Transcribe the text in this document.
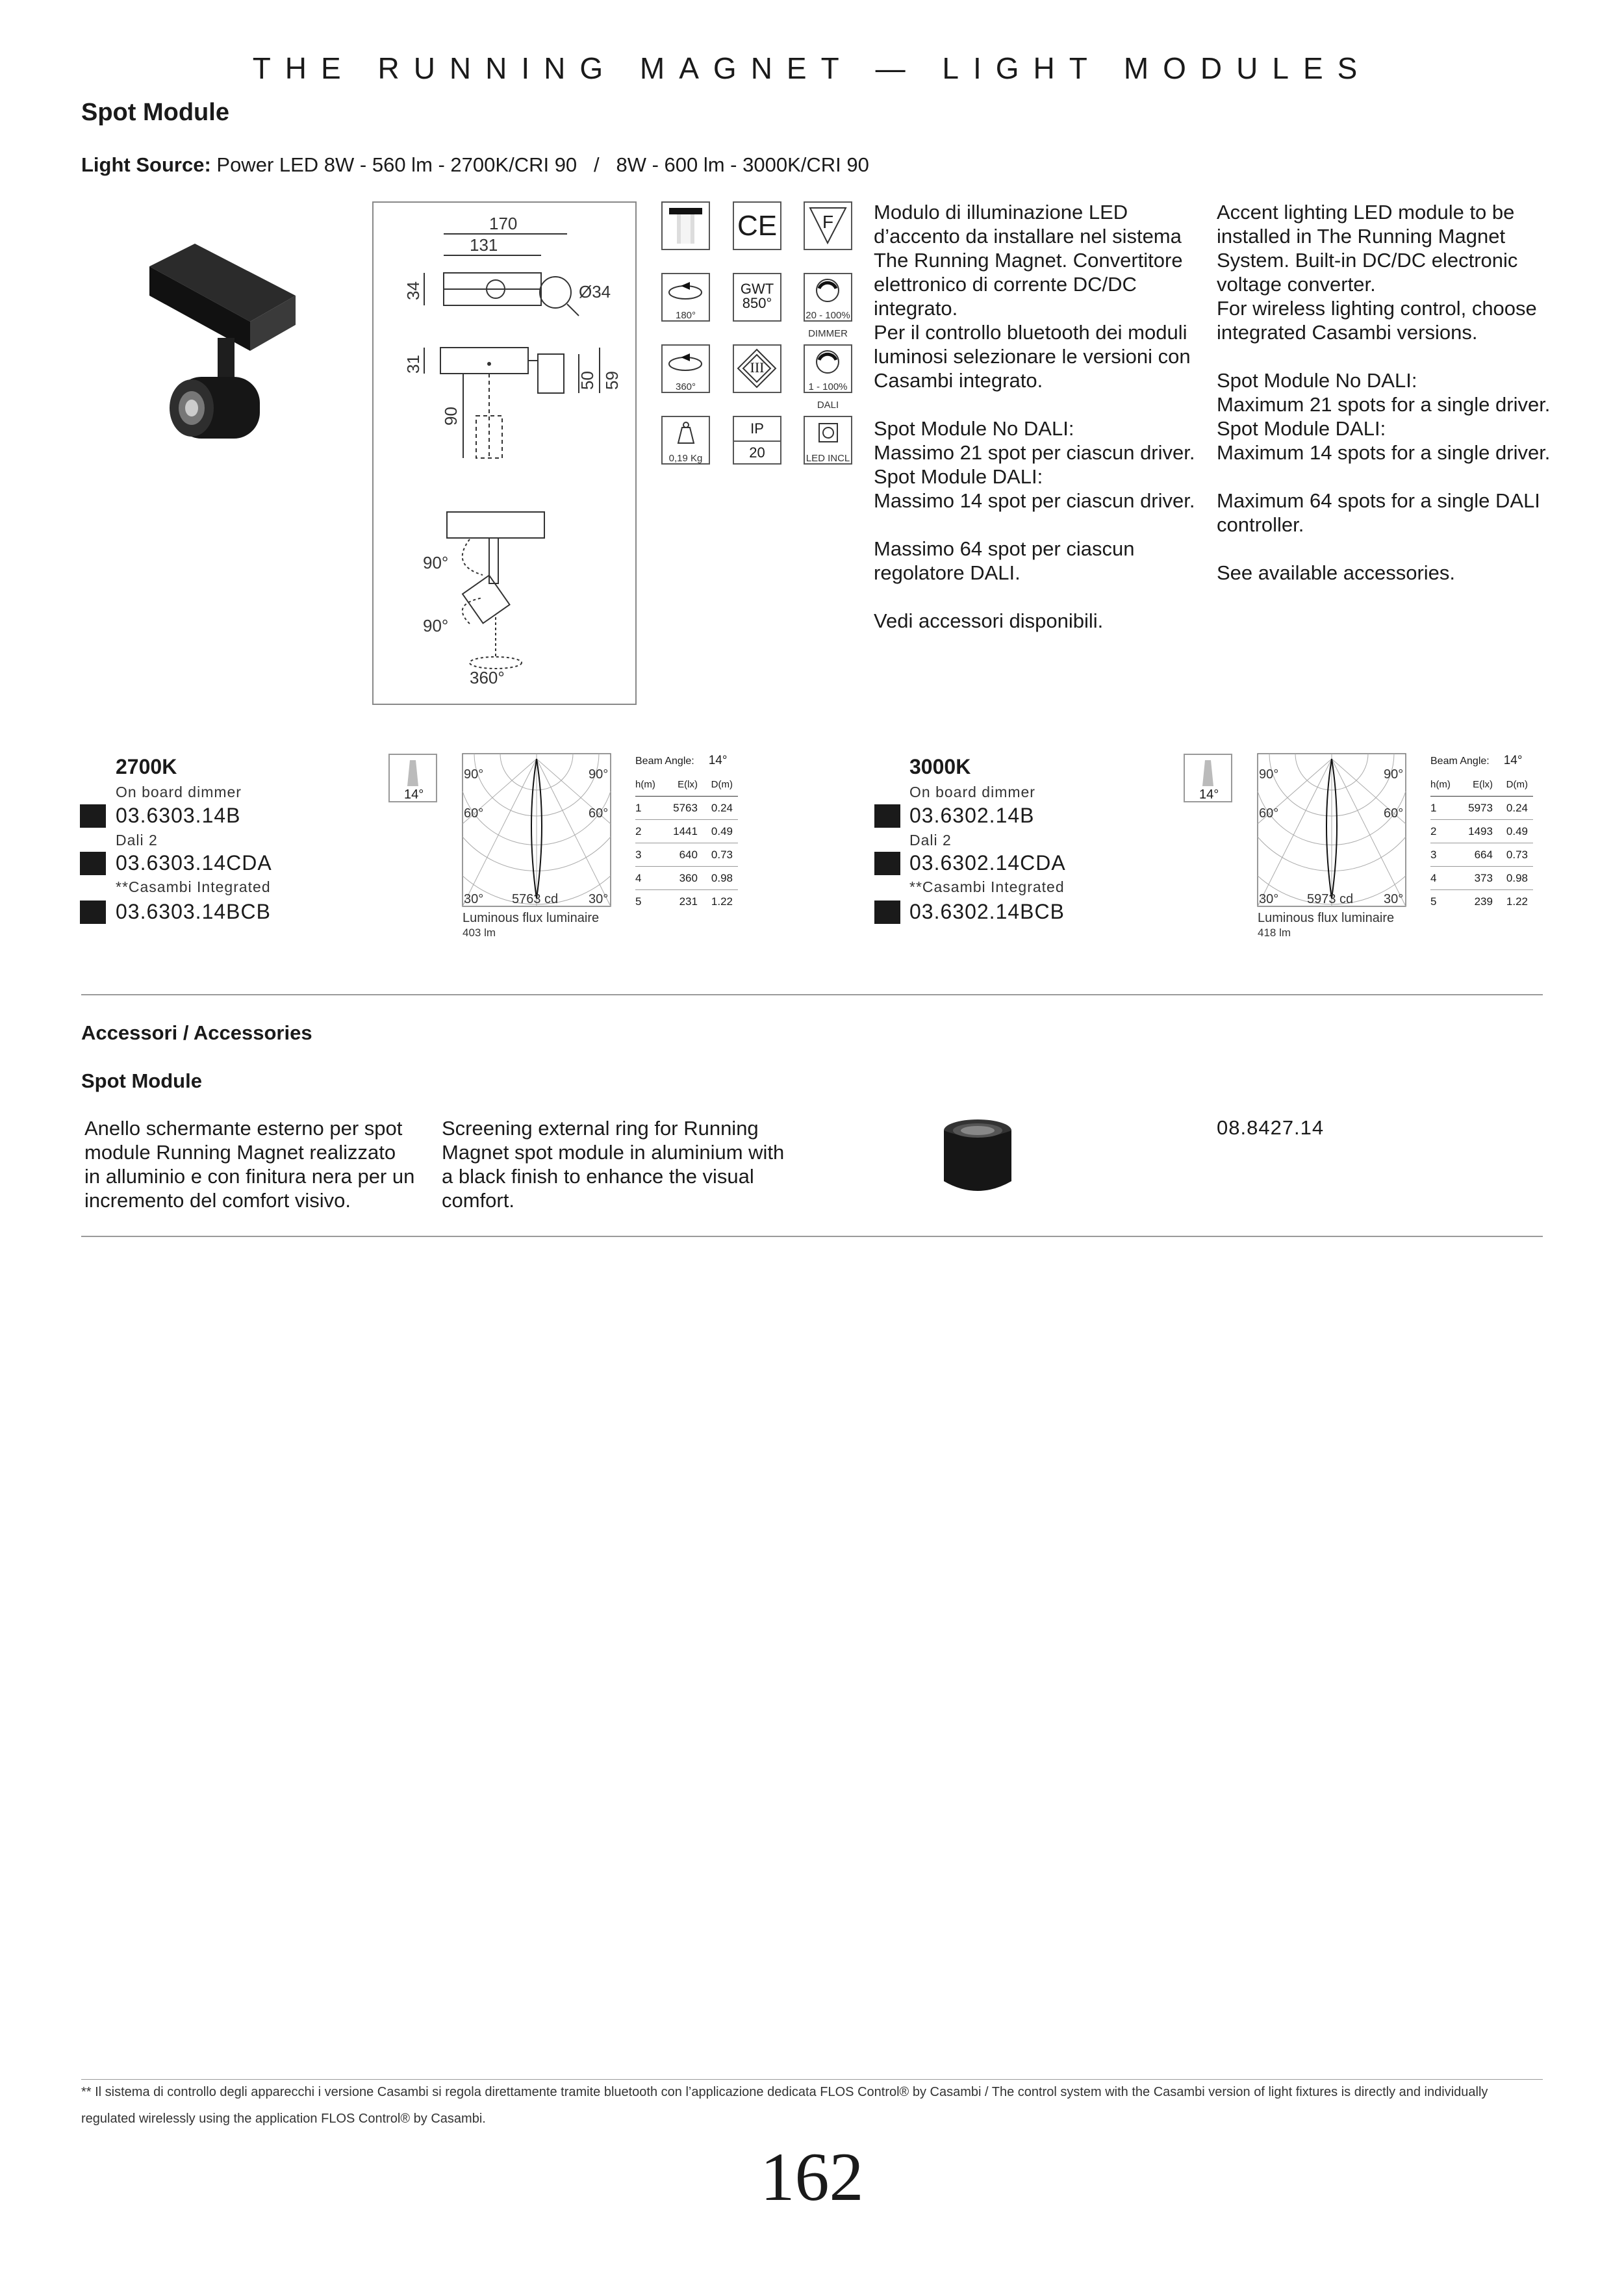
THE RUNNING MAGNET — LIGHT MODULES
Spot Module
Light Source: Power LED 8W - 560 lm - 2700K/CRI 90   /   8W - 600 lm - 3000K/CRI 90
170
131
Ø34
34
31
50 59
90
90°
90°
360°
CE	F
180°
GWT
850°
20 - 100%
DIMMER
360°
III
1 - 100%
DALI
0,19 Kg
IP
20	LED INCL
Modulo di illuminazione LED
d’accento da installare nel sistema
The Running Magnet. Convertitore
elettronico di corrente DC/DC
integrato.
Per il controllo bluetooth dei moduli
luminosi selezionare le versioni con
Casambi integrato.

Spot Module No DALI:
Massimo 21 spot per ciascun driver.
Spot Module DALI:
Massimo 14 spot per ciascun driver.

Massimo 64 spot per ciascun
regolatore DALI.

Vedi accessori disponibili.
Accent lighting LED module to be
installed in The Running Magnet
System. Built-in DC/DC electronic
voltage converter.
For wireless lighting control, choose
integrated Casambi versions.

Spot Module No DALI:
Maximum 21 spots for a single driver.
Spot Module DALI:
Maximum 14 spots for a single driver.

Maximum 64 spots for a single DALI
controller.

See available accessories.
2700K
On board dimmer
03.6303.14B
Dali 2
03.6303.14CDA
**Casambi Integrated
03.6303.14BCB
14°
90°	90°
60°	60°
30°	30°
5763 cd
Luminous flux luminaire
403 lm
Beam Angle: 14°
h(m)	E(lx)	D(m)
1	5763	0.24
2	1441	0.49
3	640	0.73
4	360	0.98
5	231	1.22
3000K
On board dimmer
03.6302.14B
Dali 2
03.6302.14CDA
**Casambi Integrated
03.6302.14BCB
14°
90°	90°
60°	60°
30°	30°
5973 cd
Luminous flux luminaire
418 lm
Beam Angle: 14°
h(m)	E(lx)	D(m)
1	5973	0.24
2	1493	0.49
3	664	0.73
4	373	0.98
5	239	1.22
Accessori / Accessories
Spot Module
Anello schermante esterno per spot
module Running Magnet realizzato
in alluminio e con finitura nera per un
incremento del comfort visivo.
Screening external ring for Running
Magnet spot module in aluminium with
a black finish to enhance the visual
comfort.
08.8427.14
** Il sistema di controllo degli apparecchi i versione Casambi si regola direttamente tramite bluetooth con l’applicazione dedicata FLOS Control® by Casambi / The control system with the Casambi version of light fixtures is directly and individually regulated wirelessly using the application FLOS Control® by Casambi.
162
